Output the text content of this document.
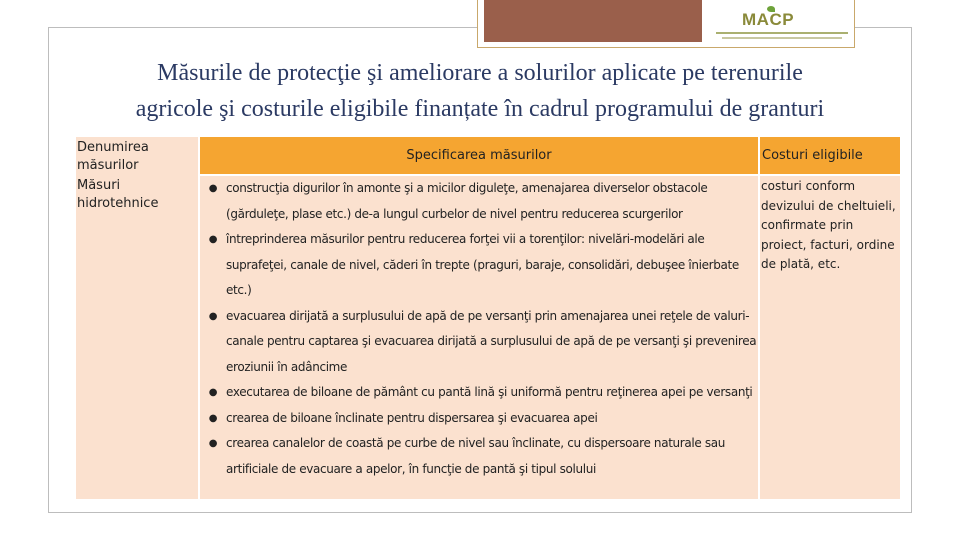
MACP
Măsurile de protecţie şi ameliorare a solurilor aplicate pe terenurile
agricole şi costurile eligibile finanțate în cadrul programului de granturi
Specificarea măsurilor	Costuri eligibile
Denumirea măsurilor
Măsuri hidrotehnice
● construcţia digurilor în amonte şi a micilor diguleţe, amenajarea diverselor obstacole (gărduleţe, plase etc.) de-a lungul curbelor de nivel pentru reducerea scurgerilor
● întreprinderea măsurilor pentru reducerea forţei vii a torenţilor: nivelări-modelări ale suprafeţei, canale de nivel, căderi în trepte (praguri, baraje, consolidări, debuşee înierbate etc.)
● evacuarea dirijată a surplusului de apă de pe versanţi prin amenajarea unei reţele de valuri-canale pentru captarea şi evacuarea dirijată a surplusului de apă de pe versanţi şi prevenirea eroziunii în adâncime
● executarea de biloane de pământ cu pantă lină şi uniformă pentru reţinerea apei pe versanţi
● crearea de biloane înclinate pentru dispersarea şi evacuarea apei
● crearea canalelor de coastă pe curbe de nivel sau înclinate, cu dispersoare naturale sau artificiale de evacuare a apelor, în funcţie de pantă şi tipul solului
costuri conform devizului de cheltuieli, confirmate prin proiect, facturi, ordine de plată, etc.
